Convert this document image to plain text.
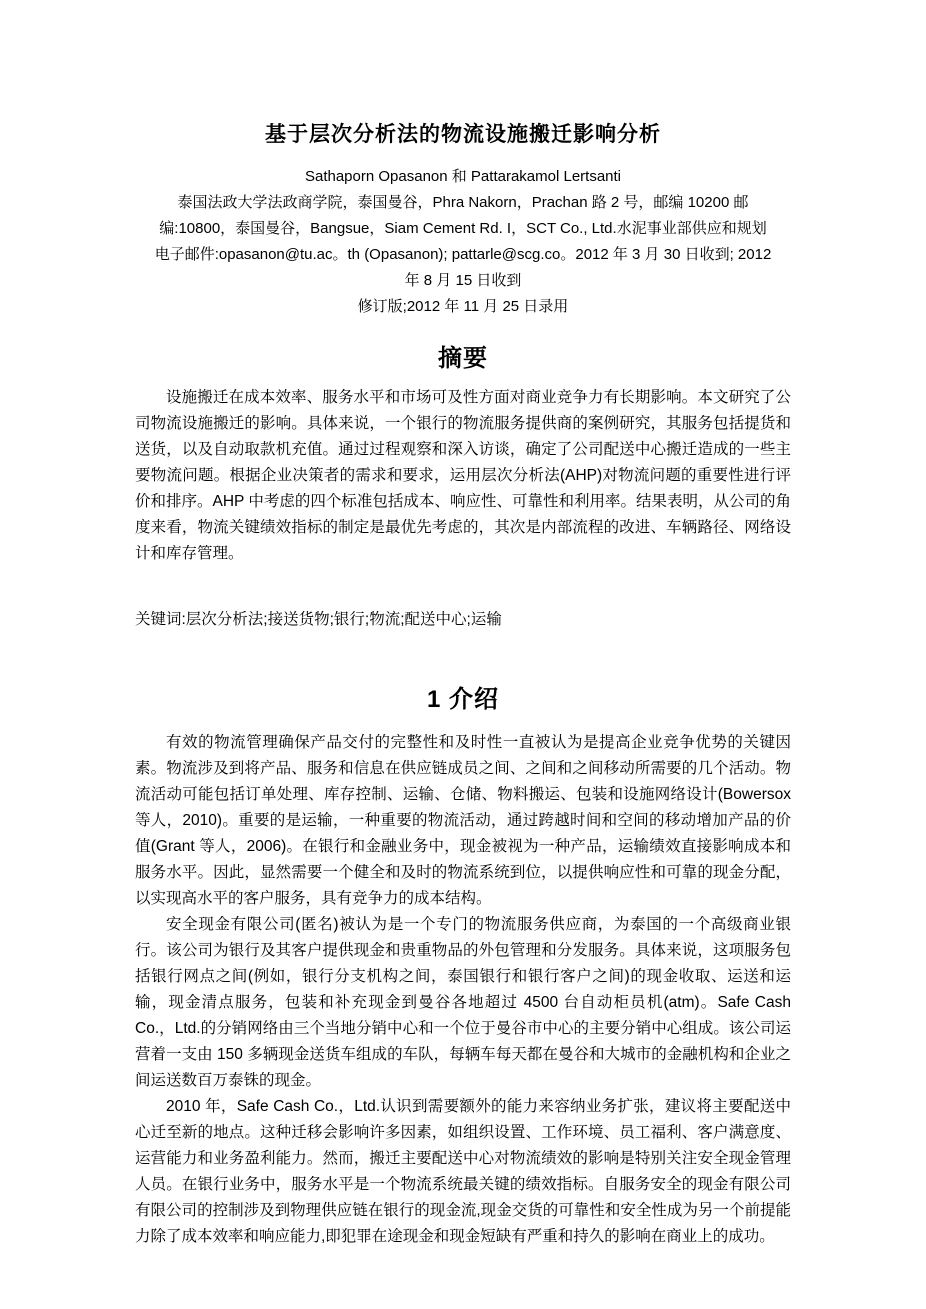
基于层次分析法的物流设施搬迁影响分析
Sathaporn Opasanon 和 Pattarakamol Lertsanti
泰国法政大学法政商学院，泰国曼谷，Phra Nakorn，Prachan 路 2 号，邮编 10200 邮
编:10800，泰国曼谷，Bangsue，Siam Cement Rd. I，SCT Co., Ltd.水泥事业部供应和规划
电子邮件:opasanon@tu.ac。th (Opasanon); pattarle@scg.co。2012 年 3 月 30 日收到; 2012
年 8 月 15 日收到
修订版;2012 年 11 月 25 日录用
摘要

设施搬迁在成本效率、服务水平和市场可及性方面对商业竞争力有长期影响。本文研究了公司物流设施搬迁的影响。具体来说，一个银行的物流服务提供商的案例研究，其服务包括提货和送货，以及自动取款机充值。通过过程观察和深入访谈，确定了公司配送中心搬迁造成的一些主要物流问题。根据企业决策者的需求和要求，运用层次分析法(AHP)对物流问题的重要性进行评价和排序。AHP 中考虑的四个标准包括成本、响应性、可靠性和利用率。结果表明，从公司的角度来看，物流关键绩效指标的制定是最优先考虑的，其次是内部流程的改进、车辆路径、网络设计和库存管理。

关键词:层次分析法;接送货物;银行;物流;配送中心;运输

1 介绍

有效的物流管理确保产品交付的完整性和及时性一直被认为是提高企业竞争优势的关键因素。物流涉及到将产品、服务和信息在供应链成员之间、之间和之间移动所需要的几个活动。物流活动可能包括订单处理、库存控制、运输、仓储、物料搬运、包装和设施网络设计(Bowersox 等人，2010)。重要的是运输，一种重要的物流活动，通过跨越时间和空间的移动增加产品的价值(Grant 等人，2006)。在银行和金融业务中，现金被视为一种产品，运输绩效直接影响成本和服务水平。因此，显然需要一个健全和及时的物流系统到位，以提供响应性和可靠的现金分配，以实现高水平的客户服务，具有竞争力的成本结构。

安全现金有限公司(匿名)被认为是一个专门的物流服务供应商，为泰国的一个高级商业银行。该公司为银行及其客户提供现金和贵重物品的外包管理和分发服务。具体来说，这项服务包括银行网点之间(例如，银行分支机构之间，泰国银行和银行客户之间)的现金收取、运送和运输，现金清点服务，包装和补充现金到曼谷各地超过 4500 台自动柜员机(atm)。Safe Cash Co.，Ltd.的分销网络由三个当地分销中心和一个位于曼谷市中心的主要分销中心组成。该公司运营着一支由 150 多辆现金送货车组成的车队，每辆车每天都在曼谷和大城市的金融机构和企业之间运送数百万泰铢的现金。

2010 年，Safe Cash Co.，Ltd.认识到需要额外的能力来容纳业务扩张，建议将主要配送中心迁至新的地点。这种迁移会影响许多因素，如组织设置、工作环境、员工福利、客户满意度、运营能力和业务盈利能力。然而，搬迁主要配送中心对物流绩效的影响是特别关注安全现金管理人员。在银行业务中，服务水平是一个物流系统最关键的绩效指标。自服务安全的现金有限公司有限公司的控制涉及到物理供应链在银行的现金流,现金交货的可靠性和安全性成为另一个前提能力除了成本效率和响应能力,即犯罪在途现金和现金短缺有严重和持久的影响在商业上的成功。
